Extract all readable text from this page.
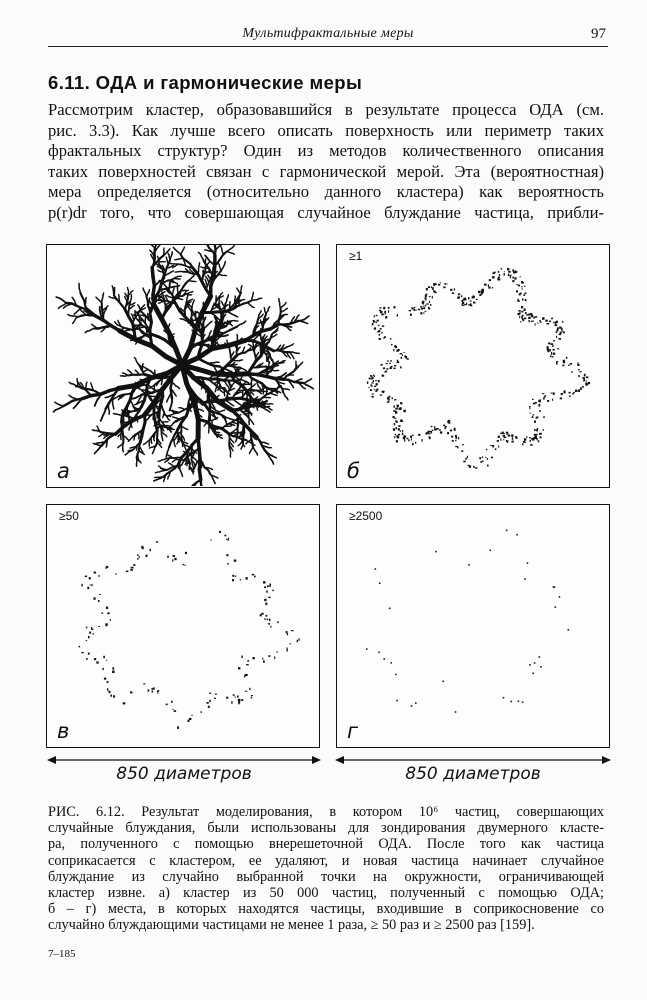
Мультифрактальные меры	97
6.11. ОДА и гармонические меры
Рассмотрим кластер, образовавшийся в результате процесса ОДА (см.
рис. 3.3). Как лучше всего описать поверхность или периметр таких
фрактальных структур? Один из методов количественного описания
таких поверхностей связан с гармонической мерой. Эта (вероятностная)
мера определяется (относительно данного кластера) как вероятность
p(r)dr того, что совершающая случайное блуждание частица, прибли-
а
≥1
б
≥50
в
≥2500
г
850 диаметров	850 диаметров
РИС. 6.12. Результат моделирования, в котором 10⁶ частиц, совершающих
случайные блуждания, были использованы для зондирования двумерного класте-
ра, полученного с помощью внерешеточной ОДА. После того как частица
соприкасается с кластером, ее удаляют, и новая частица начинает случайное
блуждание из случайно выбранной точки на окружности, ограничивающей
кластер извне. а) кластер из 50 000 частиц, полученный с помощью ОДА;
б – г) места, в которых находятся частицы, входившие в соприкосновение со
случайно блуждающими частицами не менее 1 раза, ≥ 50 раз и ≥ 2500 раз [159].
7–185
